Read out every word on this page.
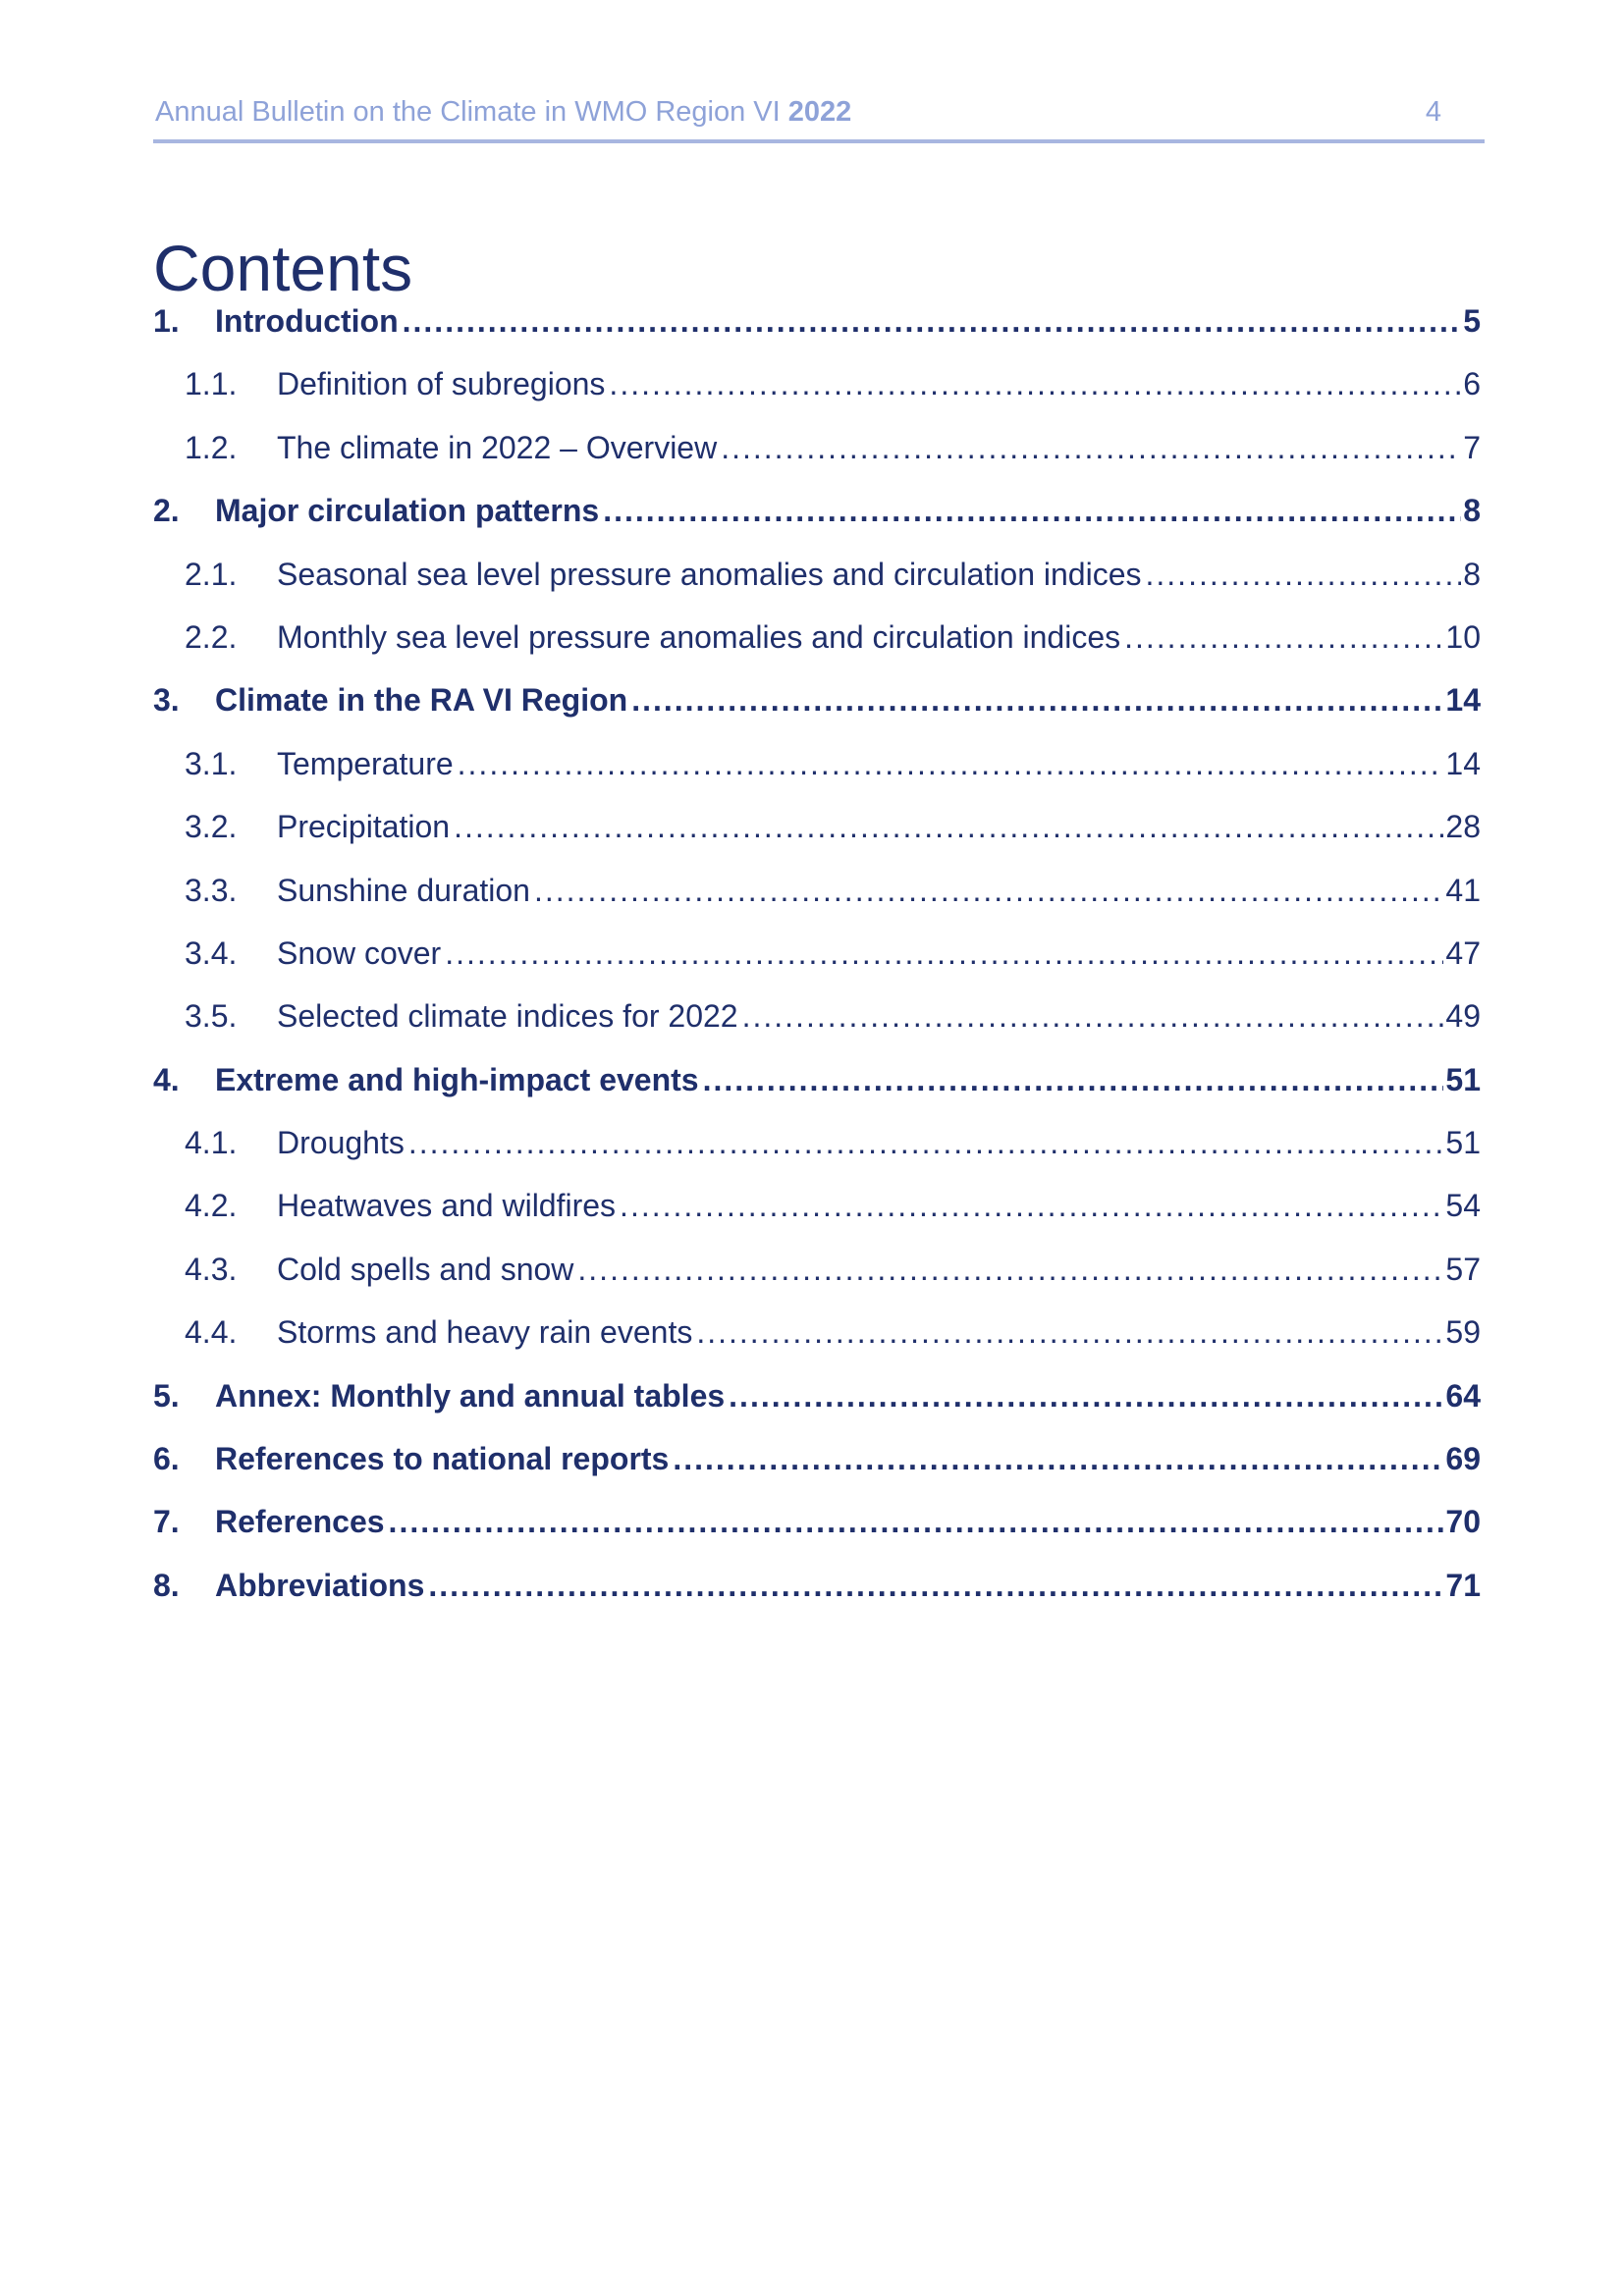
Annual Bulletin on the Climate in WMO Region VI 2022	4
Contents
1.	Introduction .....	5
1.1.	Definition of subregions .....	6
1.2.	The climate in 2022 – Overview .....	7
2.	Major circulation patterns .....	8
2.1.	Seasonal sea level pressure anomalies and circulation indices .....	8
2.2.	Monthly sea level pressure anomalies and circulation indices .....	10
3.	Climate in the RA VI Region .....	14
3.1.	Temperature .....	14
3.2.	Precipitation .....	28
3.3.	Sunshine duration .....	41
3.4.	Snow cover .....	47
3.5.	Selected climate indices for 2022 .....	49
4.	Extreme and high-impact events .....	51
4.1.	Droughts .....	51
4.2.	Heatwaves and wildfires .....	54
4.3.	Cold spells and snow .....	57
4.4.	Storms and heavy rain events .....	59
5.	Annex: Monthly and annual tables .....	64
6.	References to national reports .....	69
7.	References .....	70
8.	Abbreviations .....	71
